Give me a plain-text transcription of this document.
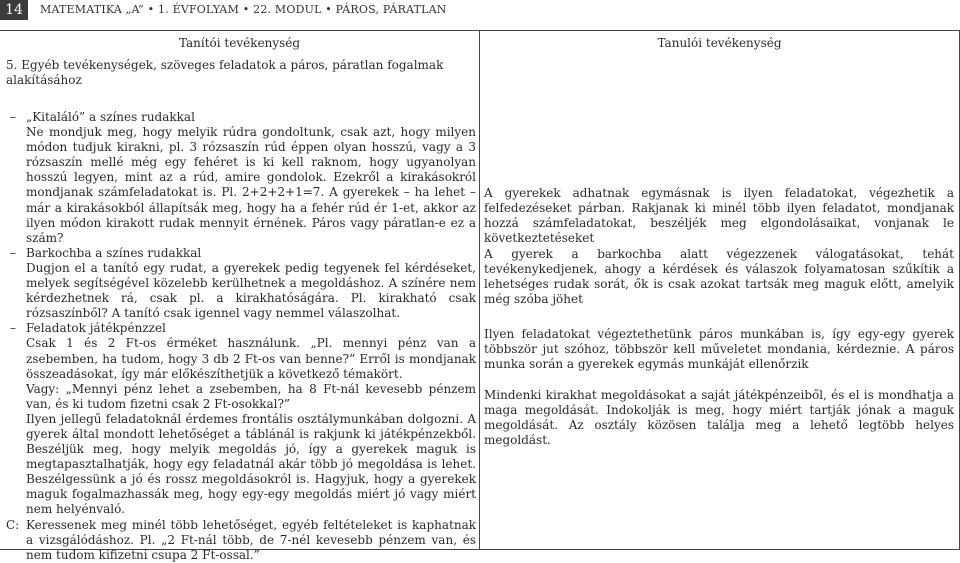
14	MATEMATIKA „A” • 1. ÉVFOLYAM • 22. MODUL • PÁROS, PÁRATLAN
Tanítói tevékenység	Tanulói tevékenység
5. Egyéb tevékenységek, szöveges feladatok a páros, páratlan fogalmak alakításához
– „Kitaláló” a színes rudakkal
Ne mondjuk meg, hogy melyik rúdra gondoltunk, csak azt, hogy milyen módon tudjuk kirakni, pl. 3 rózsaszín rúd éppen olyan hosszú, vagy a 3 rózsaszín mellé még egy fehéret is ki kell raknom, hogy ugyanolyan hosszú legyen, mint az a rúd, amire gondolok. Ezekről a kirakásokról mondjanak számfeladatokat is. Pl. 2+2+2+1=7. A gyerekek – ha lehet – már a kirakásokból állapítsák meg, hogy ha a fehér rúd ér 1-et, akkor az ilyen módon kirakott rudak mennyit érnének. Páros vagy páratlan-e ez a szám?
– Barkochba a színes rudakkal
Dugjon el a tanító egy rudat, a gyerekek pedig tegyenek fel kérdéseket, melyek segítségével közelebb kerülhetnek a megoldáshoz. A színére nem kérdezhetnek rá, csak pl. a kirakhatóságára. Pl. kirakható csak rózsaszínből? A tanító csak igennel vagy nemmel válaszolhat.
– Feladatok játékpénzzel
Csak 1 és 2 Ft-os érméket használunk. „Pl. mennyi pénz van a zsebemben, ha tudom, hogy 3 db 2 Ft-os van benne?” Erről is mondjanak összeadásokat, így már előkészíthetjük a következő témakört.
Vagy: „Mennyi pénz lehet a zsebemben, ha 8 Ft-nál kevesebb pénzem van, és ki tudom fizetni csak 2 Ft-osokkal?”
Ilyen jellegű feladatoknál érdemes frontális osztálymunkában dolgozni. A gyerek által mondott lehetőséget a táblánál is rakjunk ki játékpénzekből. Beszéljük meg, hogy melyik megoldás jó, így a gyerekek maguk is megtapasztalhatják, hogy egy feladatnál akár több jó megoldása is lehet. Beszélgessünk a jó és rossz megoldásokról is. Hagyjuk, hogy a gyerekek maguk fogalmazhassák meg, hogy egy-egy megoldás miért jó vagy miért nem helyénvaló.
C: Keressenek meg minél több lehetőséget, egyéb feltételeket is kaphatnak a vizsgálódáshoz. Pl. „2 Ft-nál több, de 7-nél kevesebb pénzem van, és nem tudom kifizetni csupa 2 Ft-ossal.”

A gyerekek adhatnak egymásnak is ilyen feladatokat, végezhetik a felfedezéseket párban. Rakjanak ki minél több ilyen feladatot, mondjanak hozzá számfeladatokat, beszéljék meg elgondolásaikat, vonjanak le következtetéseket

A gyerek a barkochba alatt végezzenek válogatásokat, tehát tevékenykedjenek, ahogy a kérdések és válaszok folyamatosan szűkítik a lehetséges rudak sorát, ők is csak azokat tartsák meg maguk előtt, amelyik még szóba jöhet

Ilyen feladatokat végeztethetünk páros munkában is, így egy-egy gyerek többször jut szóhoz, többször kell műveletet mondania, kérdeznie. A páros munka során a gyerekek egymás munkáját ellenőrzik

Mindenki kirakhat megoldásokat a saját játékpénzeiből, és el is mondhatja a maga megoldását. Indokolják is meg, hogy miért tartják jónak a maguk megoldását. Az osztály közösen találja meg a lehető legtöbb helyes megoldást.
